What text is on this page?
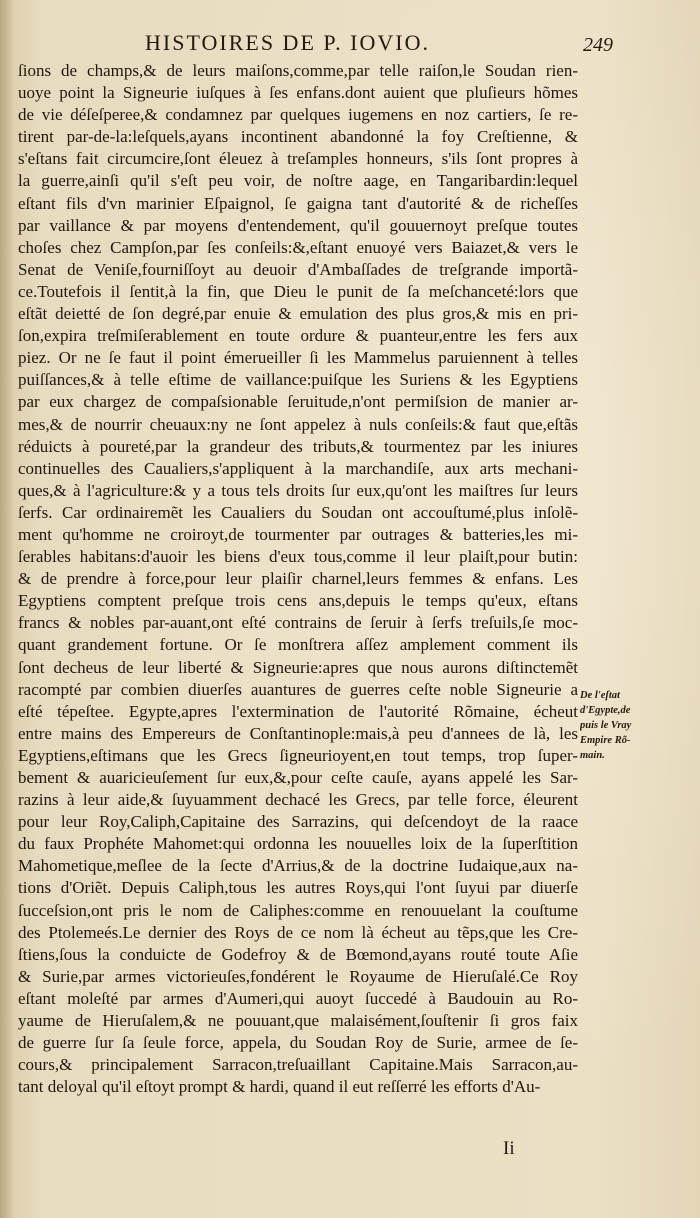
HISTOIRES DE P. IOVIO.	249
ſions de champs,& de leurs maiſons,comme,par telle raiſon,le Soudan rien-
uoye point la Signeurie iuſques à ſes enfans.dont auient que pluſieurs hõmes
de vie déſeſperee,& condamnez par quelques iugemens en noz cartiers, ſe re-
tirent par-de-la:leſquels,ayans incontinent abandonné la foy Creſtienne, &
s'eſtans fait circumcire,ſont éleuez à treſamples honneurs, s'ils ſont propres à
la guerre,ainſi qu'il s'eſt peu voir, de noſtre aage, en Tangaribardin:lequel
eſtant fils d'vn marinier Eſpaignol, ſe gaigna tant d'autorité & de richeſſes
par vaillance & par moyens d'entendement, qu'il gouuernoyt preſque toutes
choſes chez Campſon,par ſes conſeils:&,eſtant enuoyé vers Baiazet,& vers le
Senat de Veniſe,fourniſſoyt au deuoir d'Ambaſſades de treſgrande importã-
ce.Toutefois il ſentit,à la fin, que Dieu le punit de ſa meſchanceté:lors que
eſtãt deietté de ſon degré,par enuie & emulation des plus gros,& mis en pri-
ſon,expira treſmiſerablement en toute ordure & puanteur,entre les fers aux
piez. Or ne ſe faut il point émerueiller ſi les Mammelus paruiennent à telles
puiſſances,& à telle eſtime de vaillance:puiſque les Suriens & les Egyptiens
par eux chargez de compaſsionable ſeruitude,n'ont permiſsion de manier ar-
mes,& de nourrir cheuaux:ny ne ſont appelez à nuls conſeils:& faut que,eſtãs
réduicts à poureté,par la grandeur des tributs,& tourmentez par les iniures
continuelles des Caualiers,s'appliquent à la marchandiſe, aux arts mechani-
ques,& à l'agriculture:& y a tous tels droits ſur eux,qu'ont les maiſtres ſur leurs
ſerfs. Car ordinairemẽt les Caualiers du Soudan ont accouſtumé,plus inſolẽ-
ment qu'homme ne croiroyt,de tourmenter par outrages & batteries,les mi-
ſerables habitans:d'auoir les biens d'eux tous,comme il leur plaiſt,pour butin:
& de prendre à force,pour leur plaiſir charnel,leurs femmes & enfans. Les
Egyptiens comptent preſque trois cens ans,depuis le temps qu'eux, eſtans
francs & nobles par-auant,ont eſté contrains de ſeruir à ſerfs treſuils,ſe moc-
quant grandement fortune. Or ſe monſtrera aſſez amplement comment ils
ſont decheus de leur liberté & Signeurie:apres que nous aurons diſtinctemẽt
racompté par combien diuerſes auantures de guerres ceſte noble Signeurie a
eſté tépeſtee. Egypte,apres l'extermination de l'autorité Rõmaine, écheut
entre mains des Empereurs de Conſtantinople:mais,à peu d'annees de là, les
Egyptiens,eſtimans que les Grecs ſigneurioyent,en tout temps, trop ſuper-
bement & auaricieuſement ſur eux,&,pour ceſte cauſe, ayans appelé les Sar-
razins à leur aide,& ſuyuamment dechacé les Grecs, par telle force, éleurent
pour leur Roy,Caliph,Capitaine des Sarrazins, qui deſcendoyt de la raace
du faux Prophéte Mahomet:qui ordonna les nouuelles loix de la ſuperſtition
Mahometique,meſlee de la ſecte d'Arrius,& de la doctrine Iudaique,aux na-
tions d'Oriẽt. Depuis Caliph,tous les autres Roys,qui l'ont ſuyui par diuerſe
ſucceſsion,ont pris le nom de Caliphes:comme en renouuelant la couſtume
des Ptolemeés.Le dernier des Roys de ce nom là écheut au tẽps,que les Cre-
ſtiens,ſous la conduicte de Godefroy & de Bœmond,ayans routé toute Aſie
& Surie,par armes victorieuſes,fondérent le Royaume de Hieruſalé.Ce Roy
eſtant moleſté par armes d'Aumeri,qui auoyt ſuccedé à Baudouin au Ro-
yaume de Hieruſalem,& ne pouuant,que malaisément,ſouſtenir ſi gros faix
de guerre ſur ſa ſeule force, appela, du Soudan Roy de Surie, armee de ſe-
cours,& principalement Sarracon,treſuaillant Capitaine.Mais Sarracon,au-
tant deloyal qu'il eſtoyt prompt & hardi, quand il eut reſſerré les efforts d'Au-
De l'eſtat
d'Egypte,de
puis le Vray
Empire Rõ-
main.
Ii
